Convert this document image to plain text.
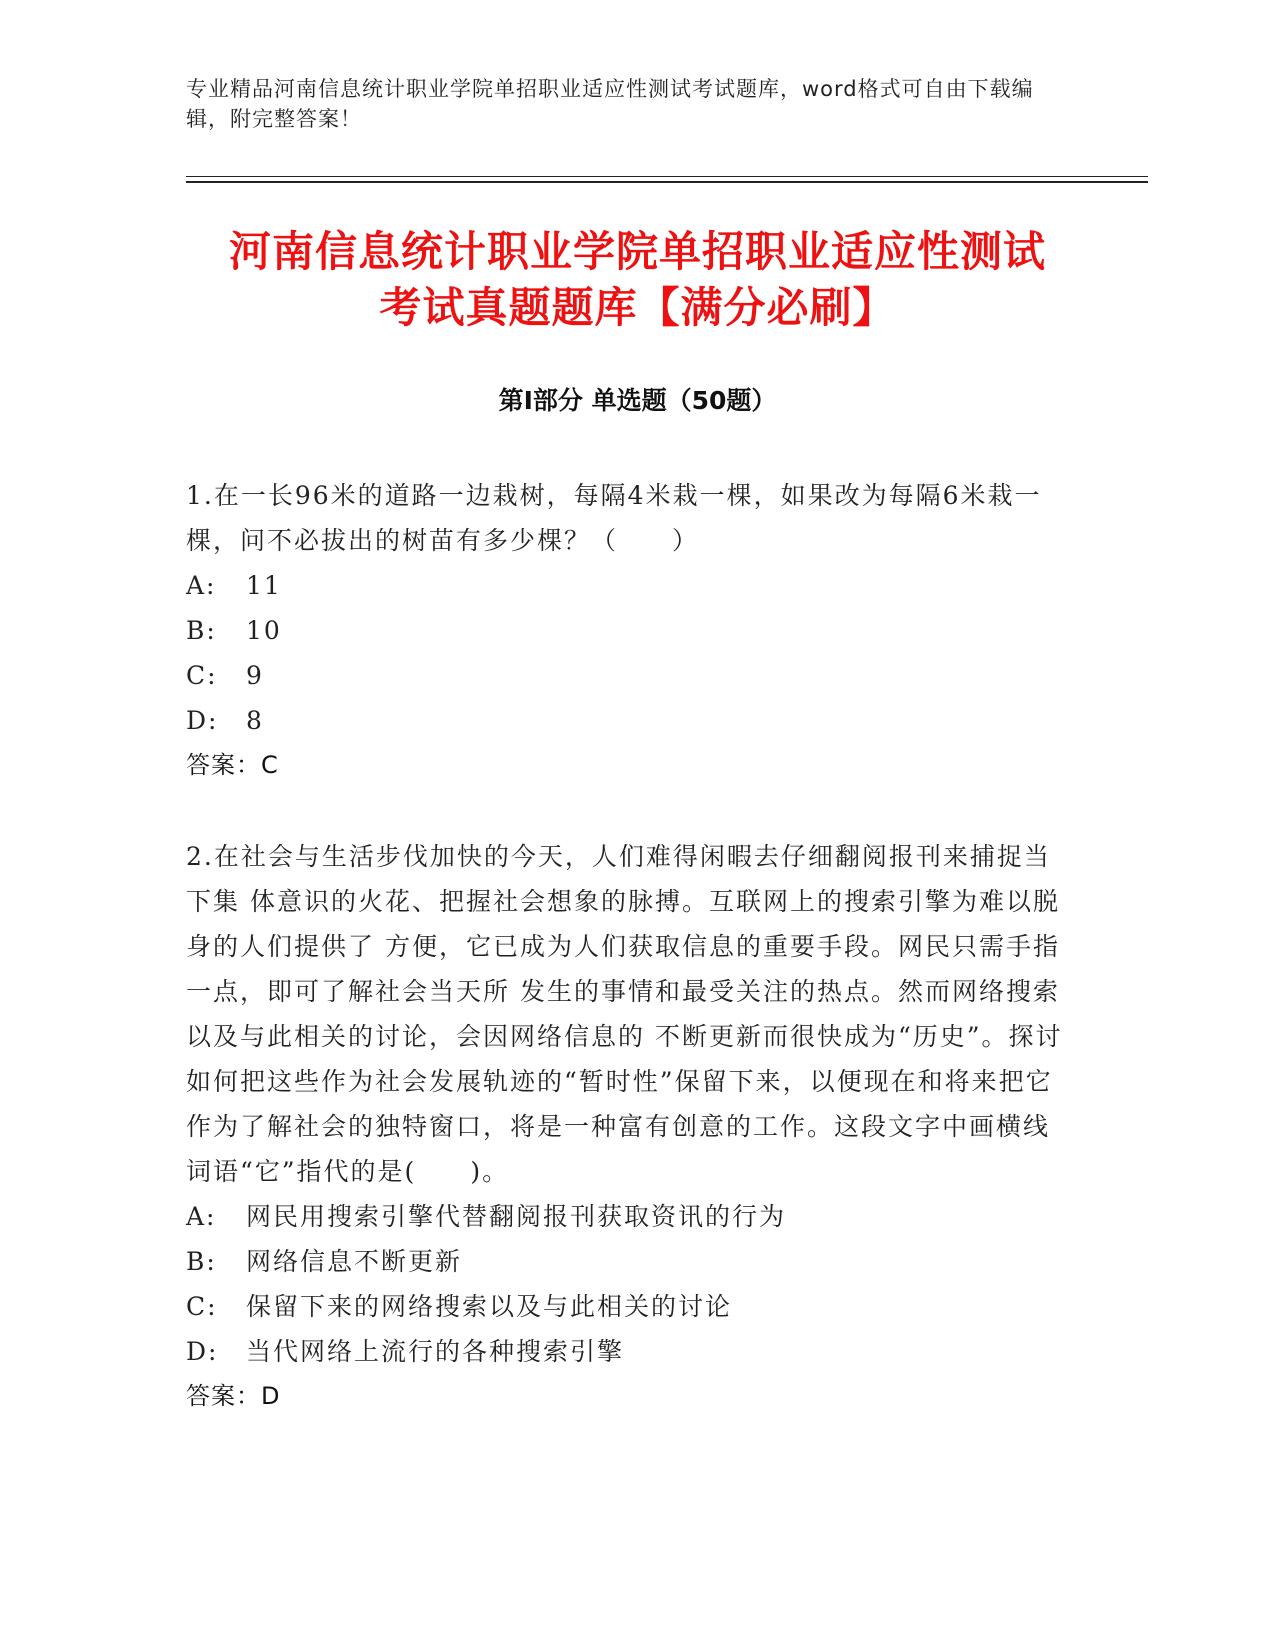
专业精品河南信息统计职业学院单招职业适应性测试考试题库，word格式可自由下载编辑，附完整答案！
河南信息统计职业学院单招职业适应性测试
考试真题题库【满分必刷】
第I部分 单选题（50题）

1.在一长96米的道路一边栽树，每隔4米栽一棵，如果改为每隔6米栽一棵，问不必拔出的树苗有多少棵？（　　）

A:	11

B:	10

C:	9

D:	8

答案：C

2.在社会与生活步伐加快的今天，人们难得闲暇去仔细翻阅报刊来捕捉当下集 体意识的火花、把握社会想象的脉搏。互联网上的搜索引擎为难以脱身的人们提供了 方便，它已成为人们获取信息的重要手段。网民只需手指一点，即可了解社会当天所 发生的事情和最受关注的热点。然而网络搜索以及与此相关的讨论，会因网络信息的 不断更新而很快成为“历史”。探讨如何把这些作为社会发展轨迹的“暂时性”保留下来，以便现在和将来把它作为了解社会的独特窗口，将是一种富有创意的工作。这段文字中画横线词语“它”指代的是(　　)。

A:	网民用搜索引擎代替翻阅报刊获取资讯的行为

B:	网络信息不断更新

C:	保留下来的网络搜索以及与此相关的讨论

D:	当代网络上流行的各种搜索引擎

答案：D
